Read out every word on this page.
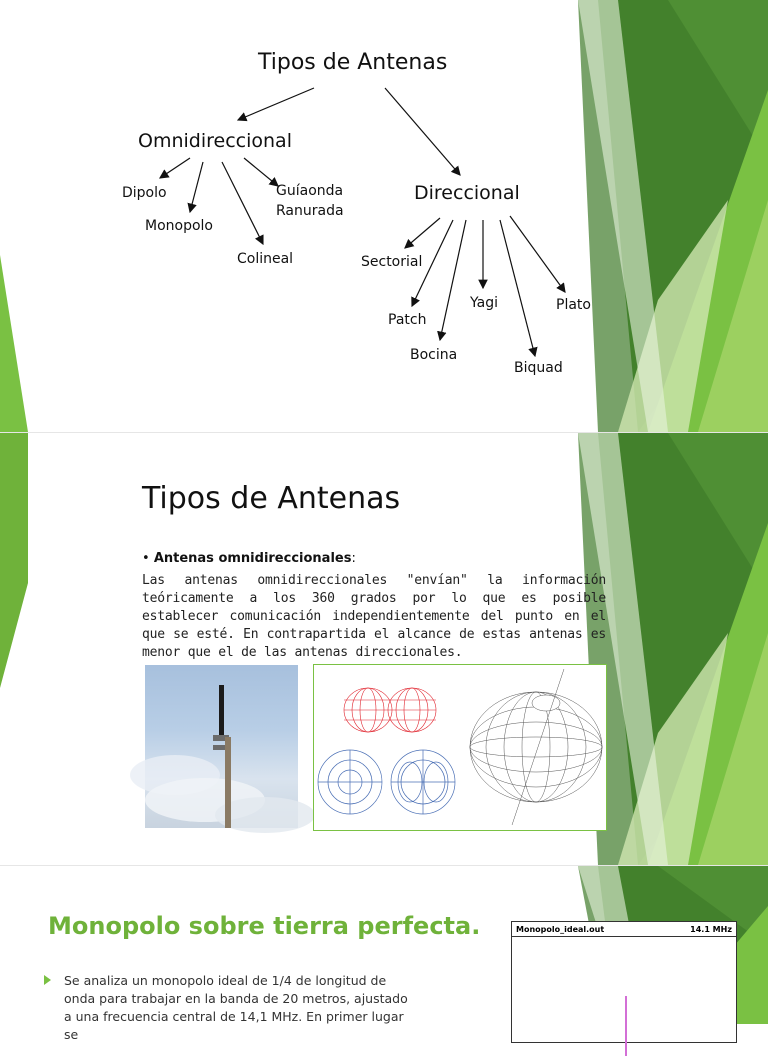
Tipos de Antenas
Omnidireccional
Dipolo
Monopolo
Colineal
Guíaonda
Ranurada
Direccional
Sectorial
Patch
Bocina
Yagi
Biquad
Plato
Tipos de Antenas
• Antenas omnidireccionales:
Las antenas omnidireccionales "envían" la información teóricamente a los 360 grados por lo que es posible establecer comunicación independientemente del punto en el que se esté. En contrapartida el alcance de estas antenas es menor que el de las antenas direccionales.
Monopolo sobre tierra perfecta.
Se analiza un monopolo ideal de 1/4 de longitud de onda para trabajar en la banda de 20 metros, ajustado a una frecuencia central de 14,1 MHz. En primer lugar se
Monopolo_ideal.out	14.1 MHz
